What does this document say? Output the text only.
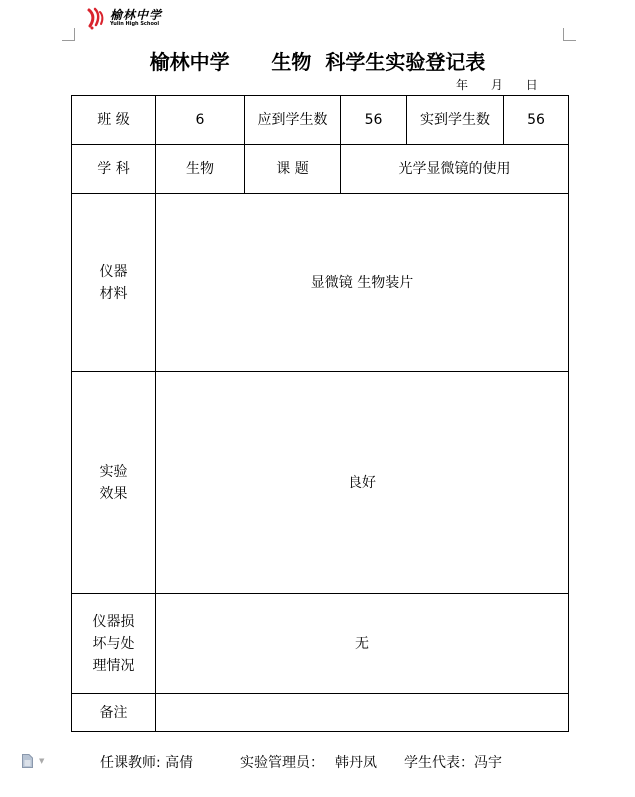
榆林中学
Yulin High School
榆林中学      生物  科学生实验登记表
年      月      日
班 级	6	应到学生数	56	实到学生数	56
学 科	生物	课 题	光学显微镜的使用		

仪器
材料	显微镜 生物装片				

实验
效果	良好				

仪器损
坏与处
理情况	无				
备注					
▼	任课教师: 高倩	实验管理员： 韩丹凤 学生代表：冯宇
